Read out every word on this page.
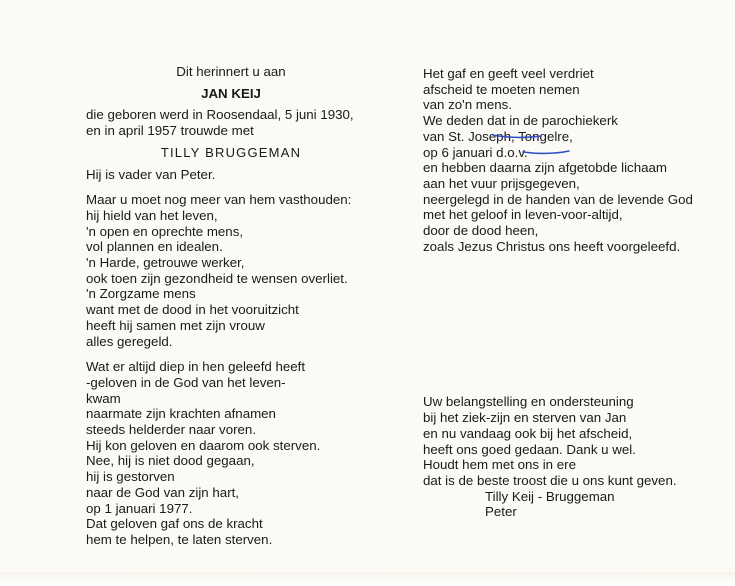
Dit herinnert u aan
JAN KEIJ
die geboren werd in Roosendaal, 5 juni 1930,
en in april 1957 trouwde met
TILLY BRUGGEMAN
Hij is vader van Peter.
Maar u moet nog meer van hem vasthouden:
hij hield van het leven,
'n open en oprechte mens,
vol plannen en idealen.
'n Harde, getrouwe werker,
ook toen zijn gezondheid te wensen overliet.
'n Zorgzame mens
want met de dood in het vooruitzicht
heeft hij samen met zijn vrouw
alles geregeld.
Wat er altijd diep in hen geleefd heeft
-geloven in de God van het leven-
kwam
naarmate zijn krachten afnamen
steeds helderder naar voren.
Hij kon geloven en daarom ook sterven.
Nee, hij is niet dood gegaan,
hij is gestorven
naar de God van zijn hart,
op 1 januari 1977.
Dat geloven gaf ons de kracht
hem te helpen, te laten sterven.
Het gaf en geeft veel verdriet
afscheid te moeten nemen
van zo'n mens.
We deden dat in de parochiekerk
van St. Joseph, Tongelre,
op 6 januari d.o.v.
en hebben daarna zijn afgetobde lichaam
aan het vuur prijsgegeven,
neergelegd in de handen van de levende God
met het geloof in leven-voor-altijd,
door de dood heen,
zoals Jezus Christus ons heeft voorgeleefd.
Uw belangstelling en ondersteuning
bij het ziek-zijn en sterven van Jan
en nu vandaag ook bij het afscheid,
heeft ons goed gedaan. Dank u wel.
Houdt hem met ons in ere
dat is de beste troost die u ons kunt geven.
Tilly Keij - Bruggeman
Peter
